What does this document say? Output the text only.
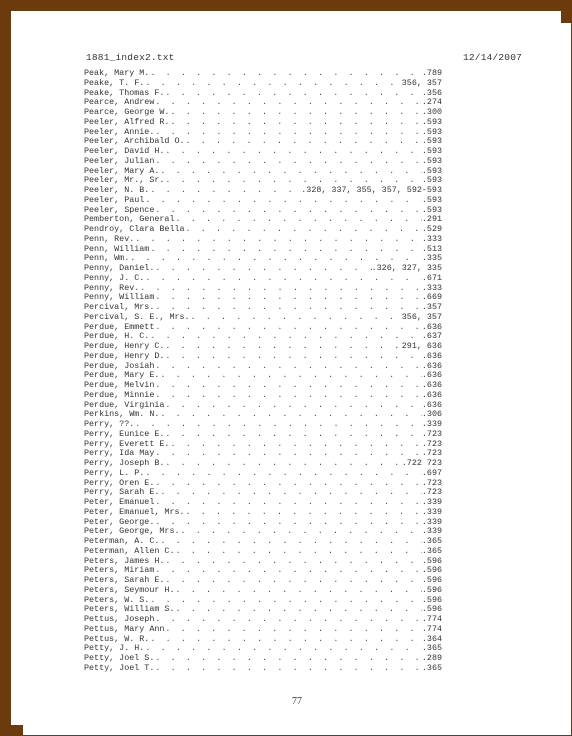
1881_index2.txt	12/14/2007
Peak, Mary M. . . .	.789
Peake, T. F. . . .	356, 357
Peake, Thomas F. . . .	.356
Pearce, Andrew . . .	.274
Pearce, George W. . . .	.300
Peeler, Alfred R. . . .	.593
Peeler, Annie. . . .	.593
Peeler, Archibald O. . . .	.593
Peeler, David H. . . .	.593
Peeler, Julian . . .	.593
Peeler, Mary A. . . .	.593
Peeler, Mr., Sr. . . .	.593
Peeler, N. B. . . .	.328, 337, 355, 357, 592-593
Peeler, Paul . . .	.593
Peeler, Spence . . .	.593
Pemberton, General . . .	.291
Pendroy, Clara Bella . . .	.529
Penn, Rev. . . .	.333
Penn, William . . .	.513
Penn, Wm. . . .	.335
Penny, Daniel. . . .	.326, 327, 335
Penny, J. C. . . .	.671
Penny, Rev. . . .	.333
Penny, William . . .	.669
Percival, Mrs. . . .	.357
Percival, S. E., Mrs. . . .	356, 357
Perdue, Emmett . . .	.636
Perdue, H. C. . . .	.637
Perdue, Henry C. . . .	291, 636
Perdue, Henry D. . . .	.636
Perdue, Josiah . . .	.636
Perdue, Mary E. . . .	.636
Perdue, Melvin . . .	.636
Perdue, Minnie . . .	.636
Perdue, Virginia . . .	.636
Perkins, Wm. N. . . .	.306
Perry, ??. . . .	.339
Perry, Eunice E. . . .	.723
Perry, Everett E. . . .	.723
Perry, Ida May . . .	.723
Perry, Joseph B. . . .	.722 723
Perry, L. P. . . .	.697
Perry, Oren E. . . .	.723
Perry, Sarah E. . . .	.723
Peter, Emanuel . . .	.339
Peter, Emanuel, Mrs. . . .	.339
Peter, George. . . .	.339
Peter, George, Mrs. . . .	.339
Peterman, A. C. . . .	.365
Peterman, Allen C. . . .	.365
Peters, James H. . . .	.596
Peters, Miriam . . .	.596
Peters, Sarah E. . . .	.596
Peters, Seymour H. . . .	.596
Peters, W. S. . . .	.596
Peters, William S. . . .	.596
Pettus, Joseph . . .	.774
Pettus, Mary Ann . . .	.774
Pettus, W. R. . . .	.364
Petty, J. H. . . .	.365
Petty, Joel S. . . .	.289
Petty, Joel T. . . .	.365
77
